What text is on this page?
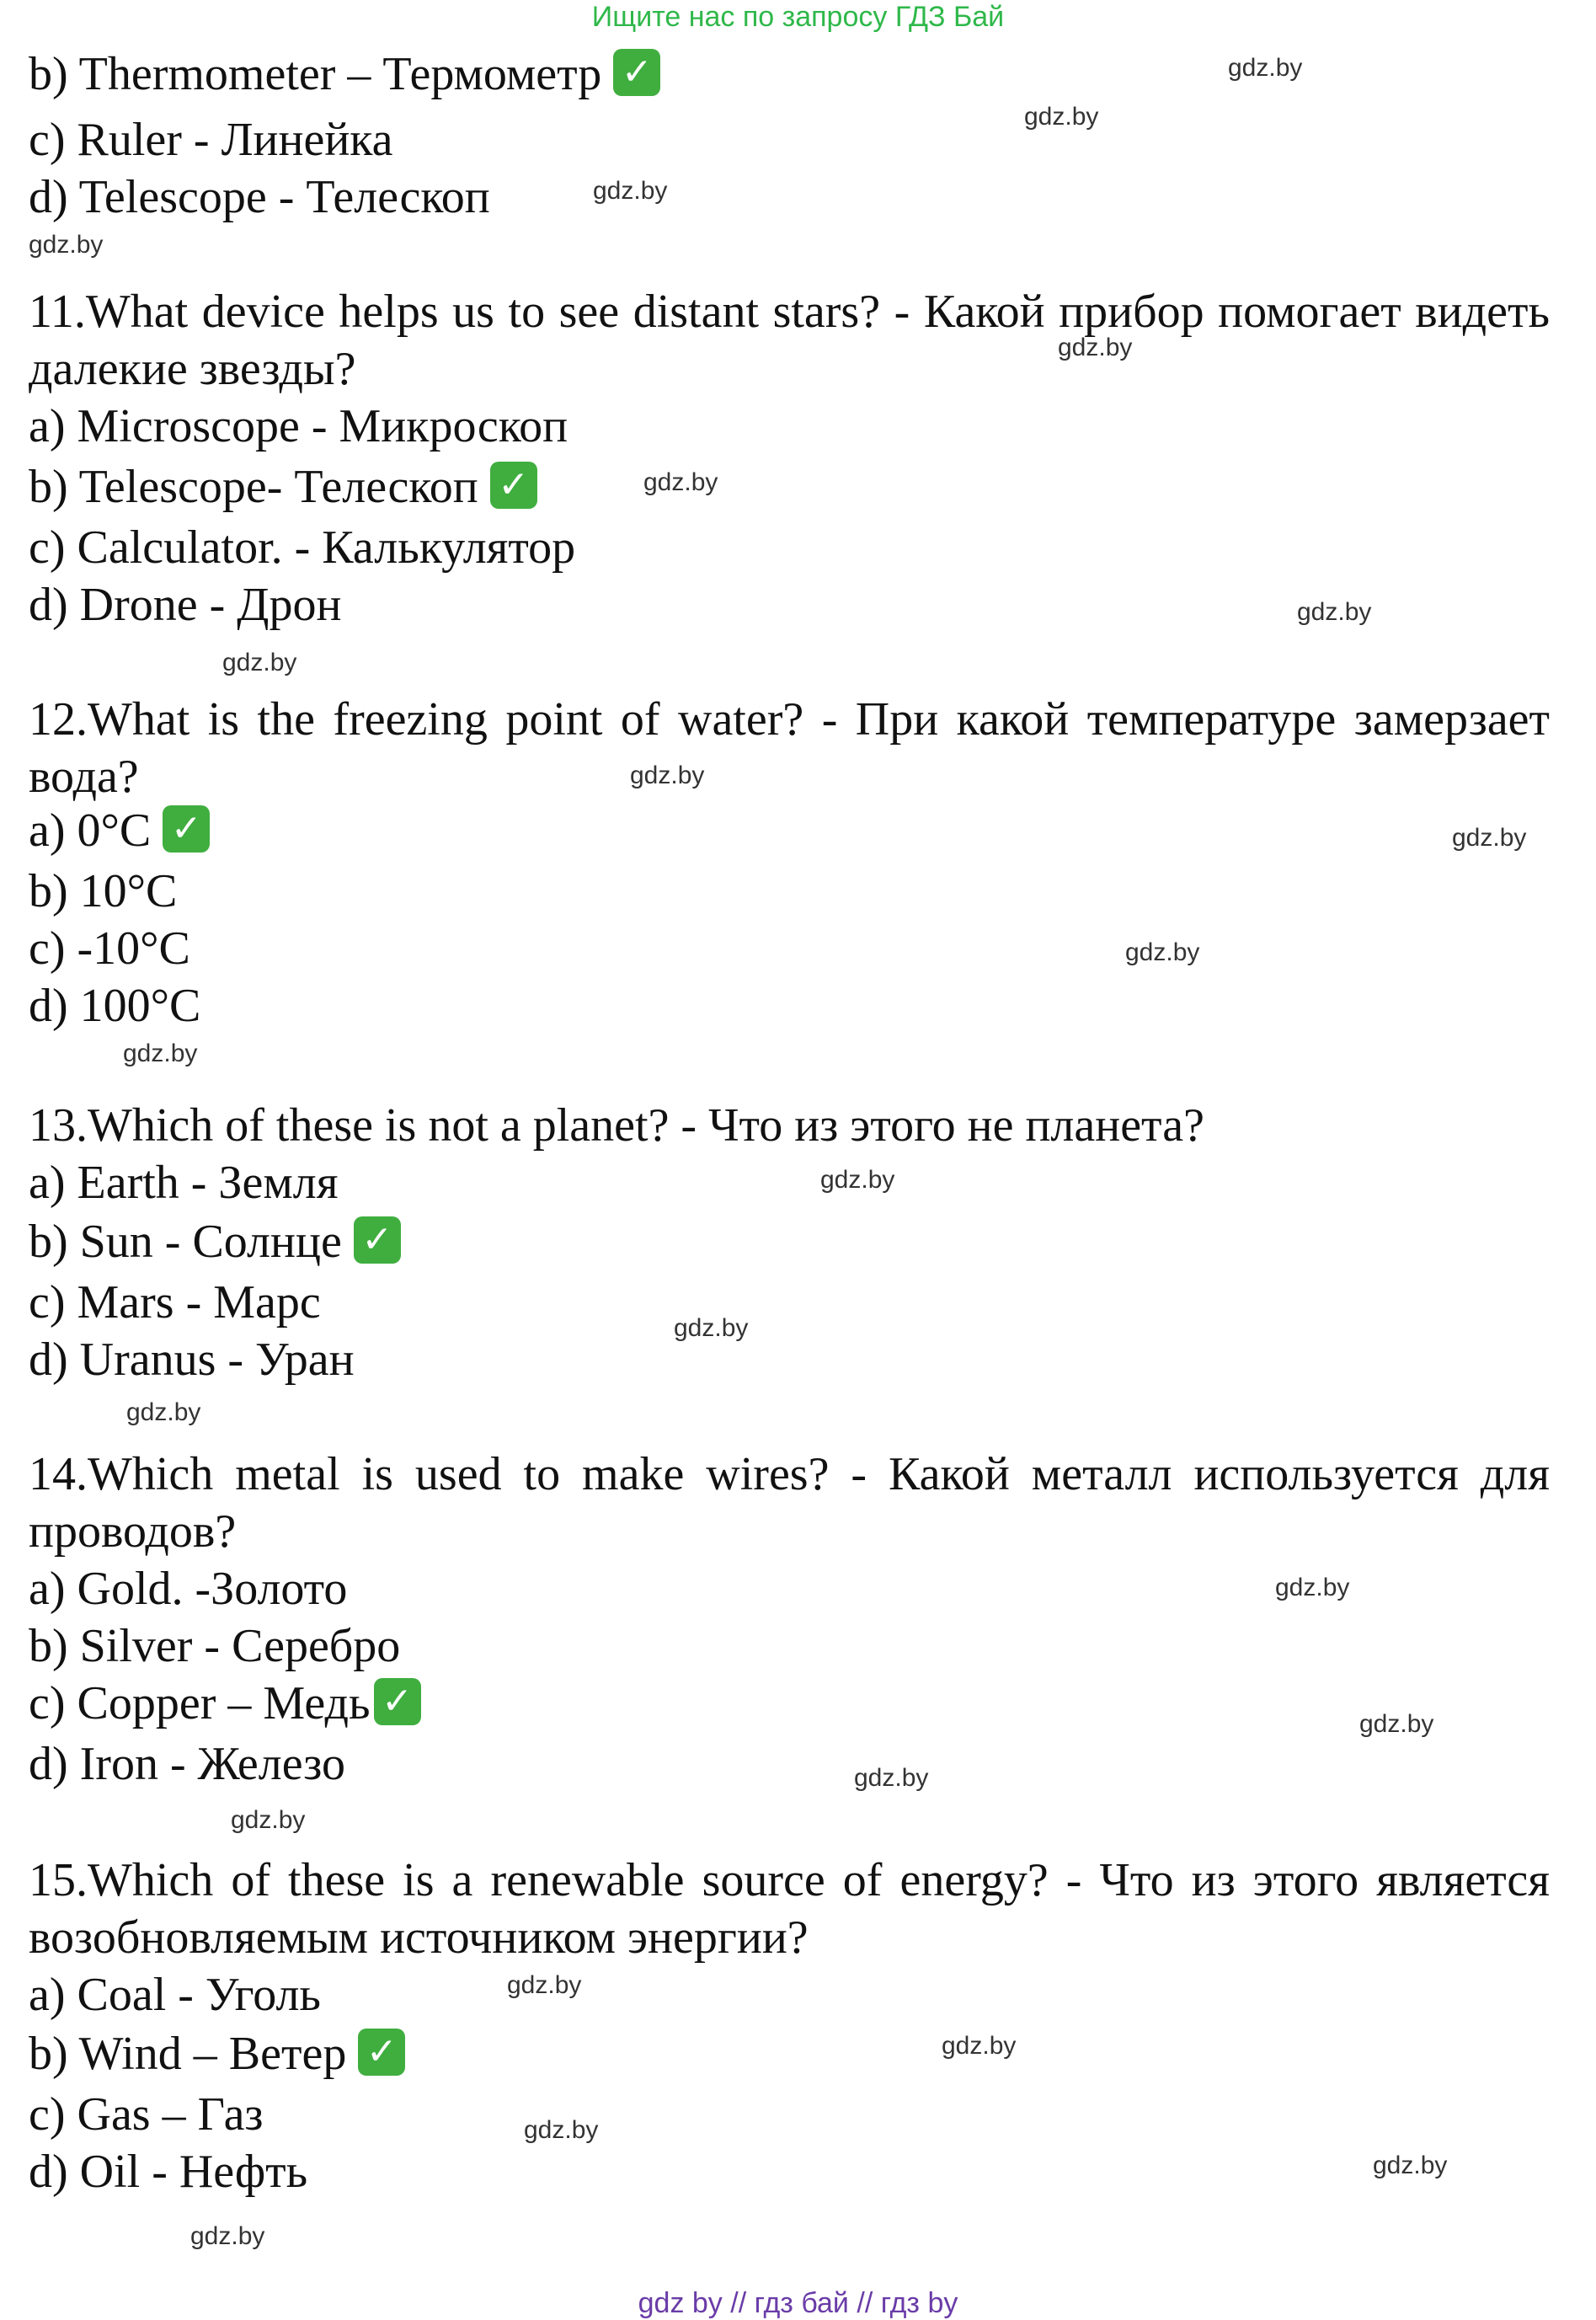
Ищите нас по запросу ГДЗ Бай
b) Thermometer – Термометр ✓
c) Ruler - Линейка
d) Telescope - Телескоп
11.What device helps us to see distant stars? - Какой прибор помогает видеть далекие звезды?
a) Microscope - Микроскоп
b) Telescope- Телескоп ✓
c) Calculator. - Калькулятор
d) Drone - Дрон
12.What is the freezing point of water? - При какой температуре замерзает вода?
a) 0°C ✓
b) 10°C
c) -10°C
d) 100°C
13.Which of these is not a planet? - Что из этого не планета?
a) Earth - Земля
b) Sun - Солнце ✓
c) Mars - Марс
d) Uranus - Уран
14.Which metal is used to make wires? - Какой металл используется для проводов?
a) Gold. -Золото
b) Silver - Серебро
c) Copper – Медь ✓
d) Iron - Железо
15.Which of these is a renewable source of energy? - Что из этого является возобновляемым источником энергии?
a) Coal - Уголь
b) Wind – Ветер ✓
c) Gas – Газ
d) Oil - Нефть
gdz.by
gdz.by
gdz.by
gdz.by
gdz.by
gdz.by
gdz.by
gdz.by
gdz.by
gdz.by
gdz.by
gdz.by
gdz.by
gdz.by
gdz.by
gdz.by
gdz.by
gdz.by
gdz.by
gdz.by
gdz.by
gdz.by
gdz.by
gdz.by
gdz by // гдз бай // гдз by
